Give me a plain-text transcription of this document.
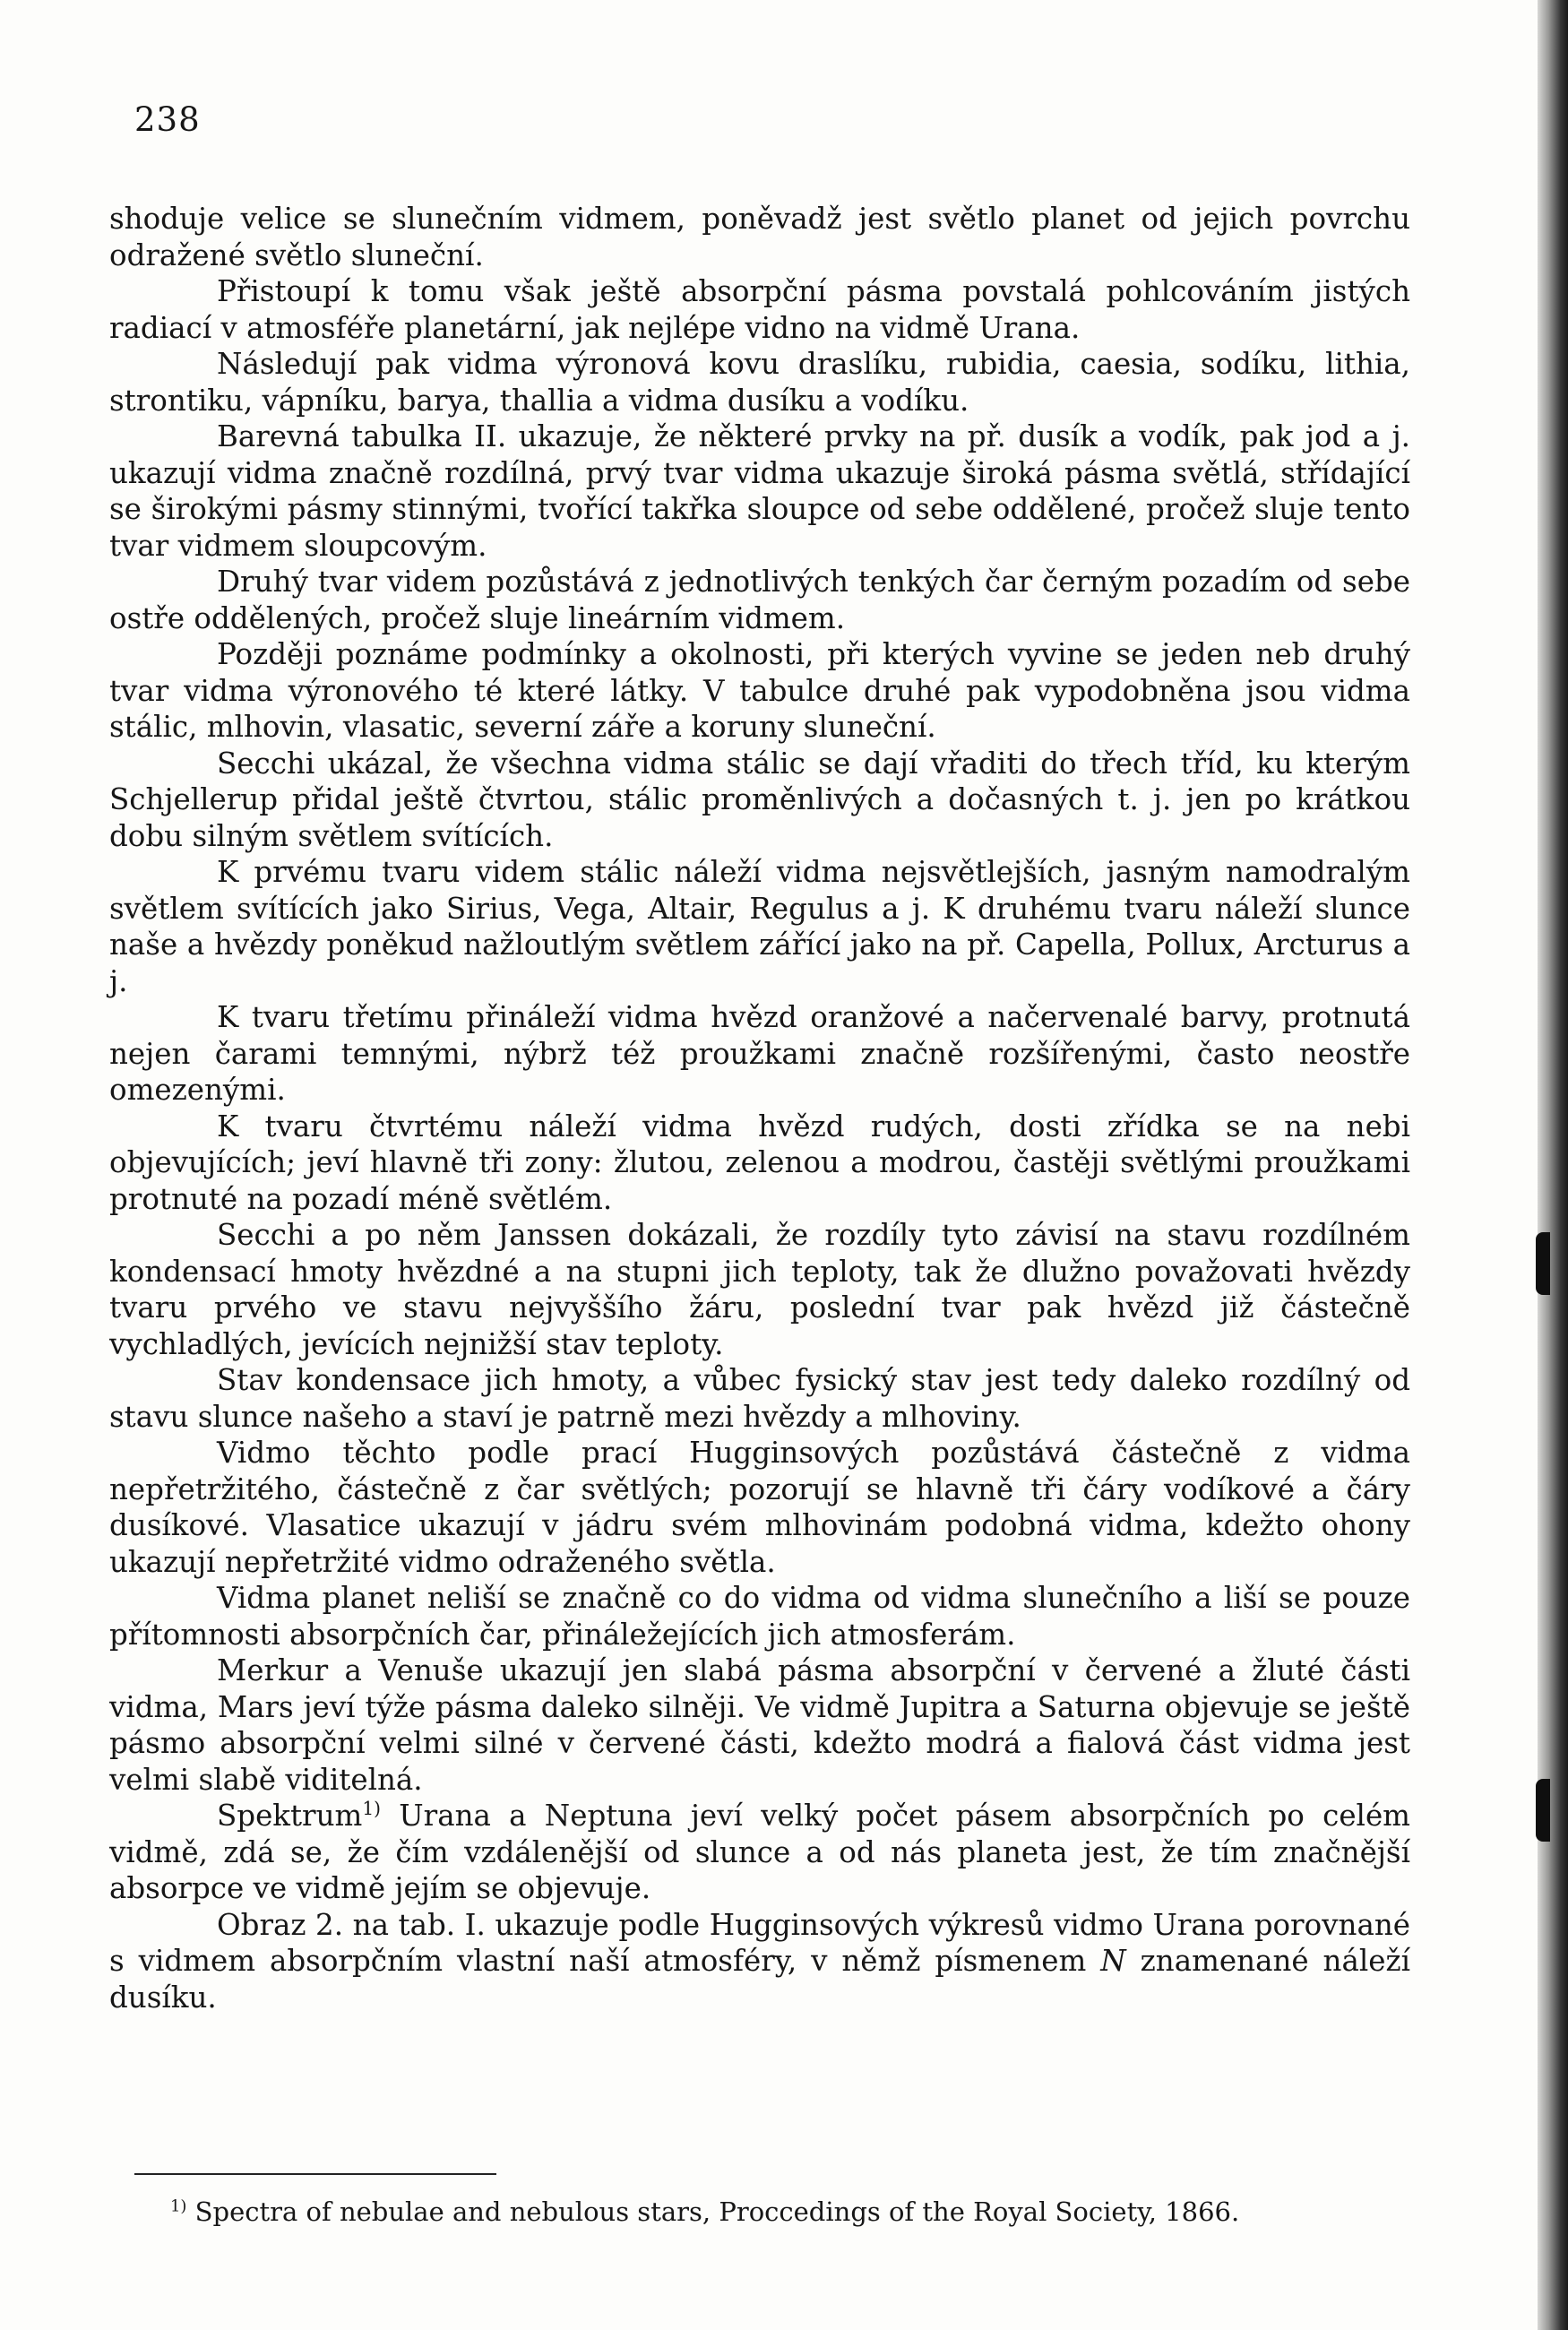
238

shoduje velice se slunečním vidmem, poněvadž jest světlo planet od jejich povrchu odražené světlo sluneční.

Přistoupí k tomu však ještě absorpční pásma povstalá pohlcováním jistých radiací v atmosféře planetární, jak nejlépe vidno na vidmě Urana.

Následují pak vidma výronová kovu draslíku, rubidia, caesia, sodíku, lithia, strontiku, vápníku, barya, thallia a vidma dusíku a vodíku.

Barevná tabulka II. ukazuje, že některé prvky na př. dusík a vodík, pak jod a j. ukazují vidma značně rozdílná, prvý tvar vidma ukazuje široká pásma světlá, střídající se širokými pásmy stinnými, tvořící takřka sloupce od sebe oddělené, pročež sluje tento tvar vidmem sloupcovým.

Druhý tvar videm pozůstává z jednotlivých tenkých čar černým pozadím od sebe ostře oddělených, pročež sluje lineárním vidmem.

Později poznáme podmínky a okolnosti, při kterých vyvine se jeden neb druhý tvar vidma výronového té které látky. V tabulce druhé pak vypodobněna jsou vidma stálic, mlhovin, vlasatic, severní záře a koruny sluneční.

Secchi ukázal, že všechna vidma stálic se dají vřaditi do třech tříd, ku kterým Schjellerup přidal ještě čtvrtou, stálic proměnlivých a dočasných t. j. jen po krátkou dobu silným světlem svítících.

K prvému tvaru videm stálic náleží vidma nejsvětlejších, jasným namodralým světlem svítících jako Sirius, Vega, Altair, Regulus a j. K druhému tvaru náleží slunce naše a hvězdy poněkud nažloutlým světlem zářící jako na př. Capella, Pollux, Arcturus a j.

K tvaru třetímu přináleží vidma hvězd oranžové a načervenalé barvy, protnutá nejen čarami temnými, nýbrž též proužkami značně rozšířenými, často neostře omezenými.

K tvaru čtvrtému náleží vidma hvězd rudých, dosti zřídka se na nebi objevujících; jeví hlavně tři zony: žlutou, zelenou a modrou, častěji světlými proužkami protnuté na pozadí méně světlém.

Secchi a po něm Janssen dokázali, že rozdíly tyto závisí na stavu rozdílném kondensací hmoty hvězdné a na stupni jich teploty, tak že dlužno považovati hvězdy tvaru prvého ve stavu nejvyššího žáru, poslední tvar pak hvězd již částečně vychladlých, jevících nejnižší stav teploty.

Stav kondensace jich hmoty, a vůbec fysický stav jest tedy daleko rozdílný od stavu slunce našeho a staví je patrně mezi hvězdy a mlhoviny.

Vidmo těchto podle prací Hugginsových pozůstává částečně z vidma nepřetržitého, částečně z čar světlých; pozorují se hlavně tři čáry vodíkové a čáry dusíkové. Vlasatice ukazují v jádru svém mlhovinám podobná vidma, kdežto ohony ukazují nepřetržité vidmo odraženého světla.

Vidma planet neliší se značně co do vidma od vidma slunečního a liší se pouze přítomnosti absorpčních čar, přináležejících jich atmosferám.

Merkur a Venuše ukazují jen slabá pásma absorpční v červené a žluté části vidma, Mars jeví týže pásma daleko silněji. Ve vidmě Jupitra a Saturna objevuje se ještě pásmo absorpční velmi silné v červené části, kdežto modrá a fialová část vidma jest velmi slabě viditelná.

Spektrum$^{1)}$ Urana a Neptuna jeví velký počet pásem absorpčních po celém vidmě, zdá se, že čím vzdálenější od slunce a od nás planeta jest, že tím značnější absorpce ve vidmě jejím se objevuje.

Obraz 2. na tab. I. ukazuje podle Hugginsových výkresů vidmo Urana porovnané s vidmem absorpčním vlastní naší atmosféry, v němž písmenem N znamenané náleží dusíku.

$^{1)}$ Spectra of nebulae and nebulous stars, Proccedings of the Royal Society, 1866.
